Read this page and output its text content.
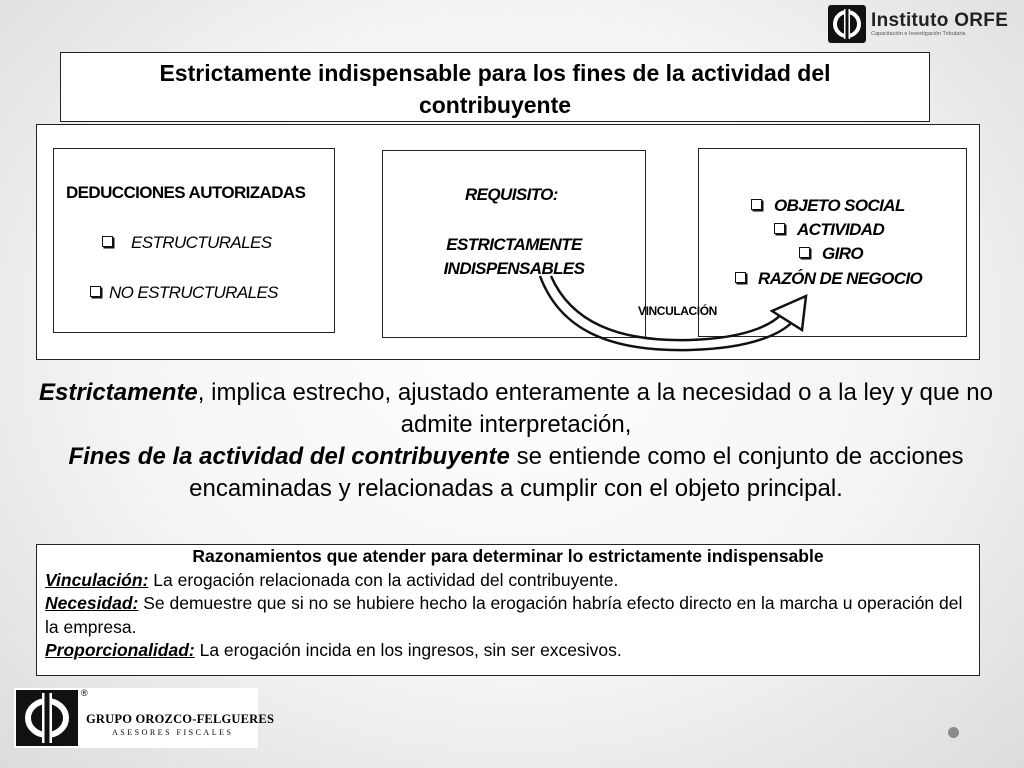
Instituto ORFE
Capacitación e Investigación Tributaria
Estrictamente indispensable para los fines de la actividad del
contribuyente
DEDUCCIONES AUTORIZADAS
ESTRUCTURALES
NO ESTRUCTURALES
REQUISITO:
ESTRICTAMENTE
INDISPENSABLES
OBJETO SOCIAL
ACTIVIDAD
GIRO
RAZÓN DE NEGOCIO
VINCULACIÓN
Estrictamente, implica estrecho, ajustado enteramente a la necesidad o a la ley y que no admite interpretación,
Fines de la actividad del contribuyente se entiende como el conjunto de acciones encaminadas y relacionadas a cumplir con el objeto principal.
Razonamientos que atender para determinar lo estrictamente indispensable
Vinculación: La erogación relacionada con la actividad del contribuyente.
Necesidad: Se demuestre que si no se hubiere hecho la erogación habría efecto directo en la marcha u operación del la empresa.
Proporcionalidad: La erogación incida en los ingresos, sin ser excesivos.
®
GRUPO OROZCO-FELGUERES
ASESORES FISCALES
